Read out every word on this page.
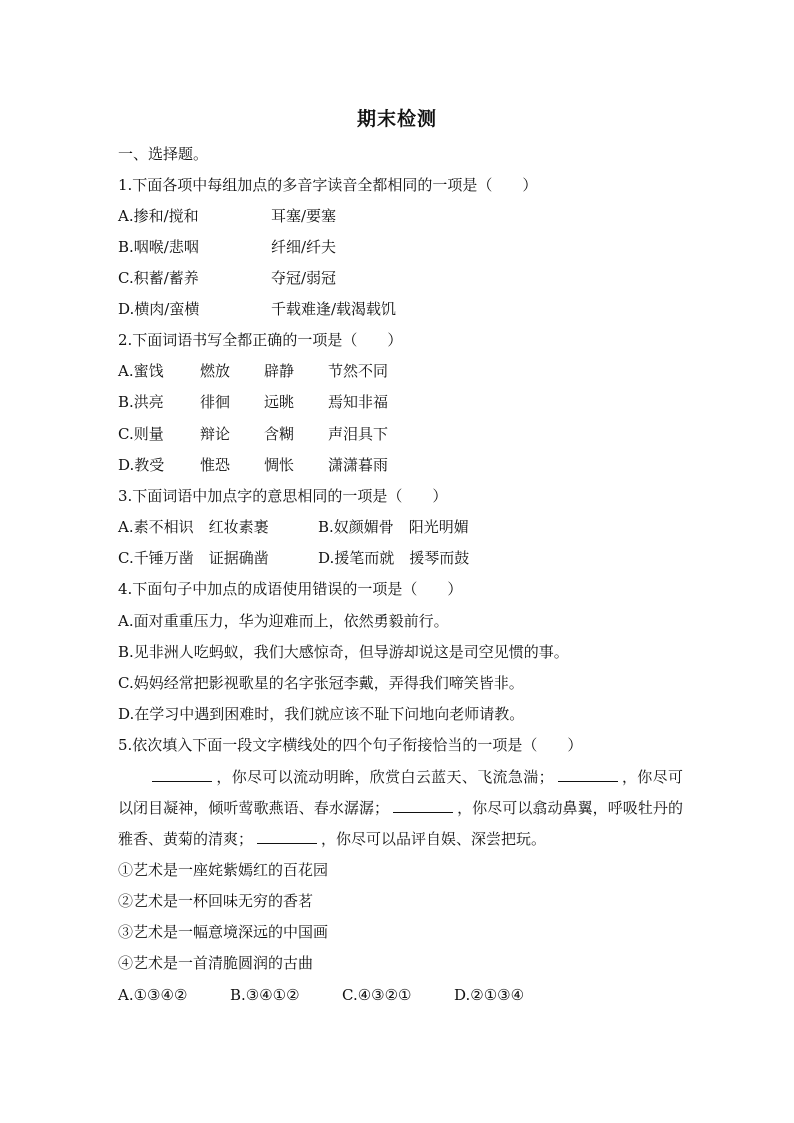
期末检测
一、选择题。
1.下面各项中每组加点的多音字读音全都相同的一项是（　　）
A.掺和/搅和	耳塞/要塞
B.咽喉/悲咽	纤细/纤夫
C.积蓄/蓄养	夺冠/弱冠
D.横肉/蛮横	千载难逢/载渴载饥
2.下面词语书写全都正确的一项是（　　）
A.蜜饯 燃放 辟静 节然不同
B.洪亮 徘徊 远眺 焉知非福
C.则量 辩论 含糊 声泪具下
D.教受 惟恐 惆怅 潇潇暮雨
3.下面词语中加点字的意思相同的一项是（　　）
A.素不相识　红妆素裹	B.奴颜媚骨　阳光明媚
C.千锤万凿　证据确凿	D.援笔而就　援琴而鼓
4.下面句子中加点的成语使用错误的一项是（　　）
A.面对重重压力，华为迎难而上，依然勇毅前行。
B.见非洲人吃蚂蚁，我们大感惊奇，但导游却说这是司空见惯的事。
C.妈妈经常把影视歌星的名字张冠李戴，弄得我们啼笑皆非。
D.在学习中遇到困难时，我们就应该不耻下问地向老师请教。
5.依次填入下面一段文字横线处的四个句子衔接恰当的一项是（　　）
，你尽可以流动明眸，欣赏白云蓝天、飞流急湍；	，你尽可以闭目凝神，倾听莺歌燕语、春水潺潺；	，你尽可以翕动鼻翼，呼吸牡丹的雅香、黄菊的清爽；	，你尽可以品评自娱、深尝把玩。
①艺术是一座姹紫嫣红的百花园
②艺术是一杯回味无穷的香茗
③艺术是一幅意境深远的中国画
④艺术是一首清脆圆润的古曲
A.①③④②	B.③④①②	C.④③②①	D.②①③④
